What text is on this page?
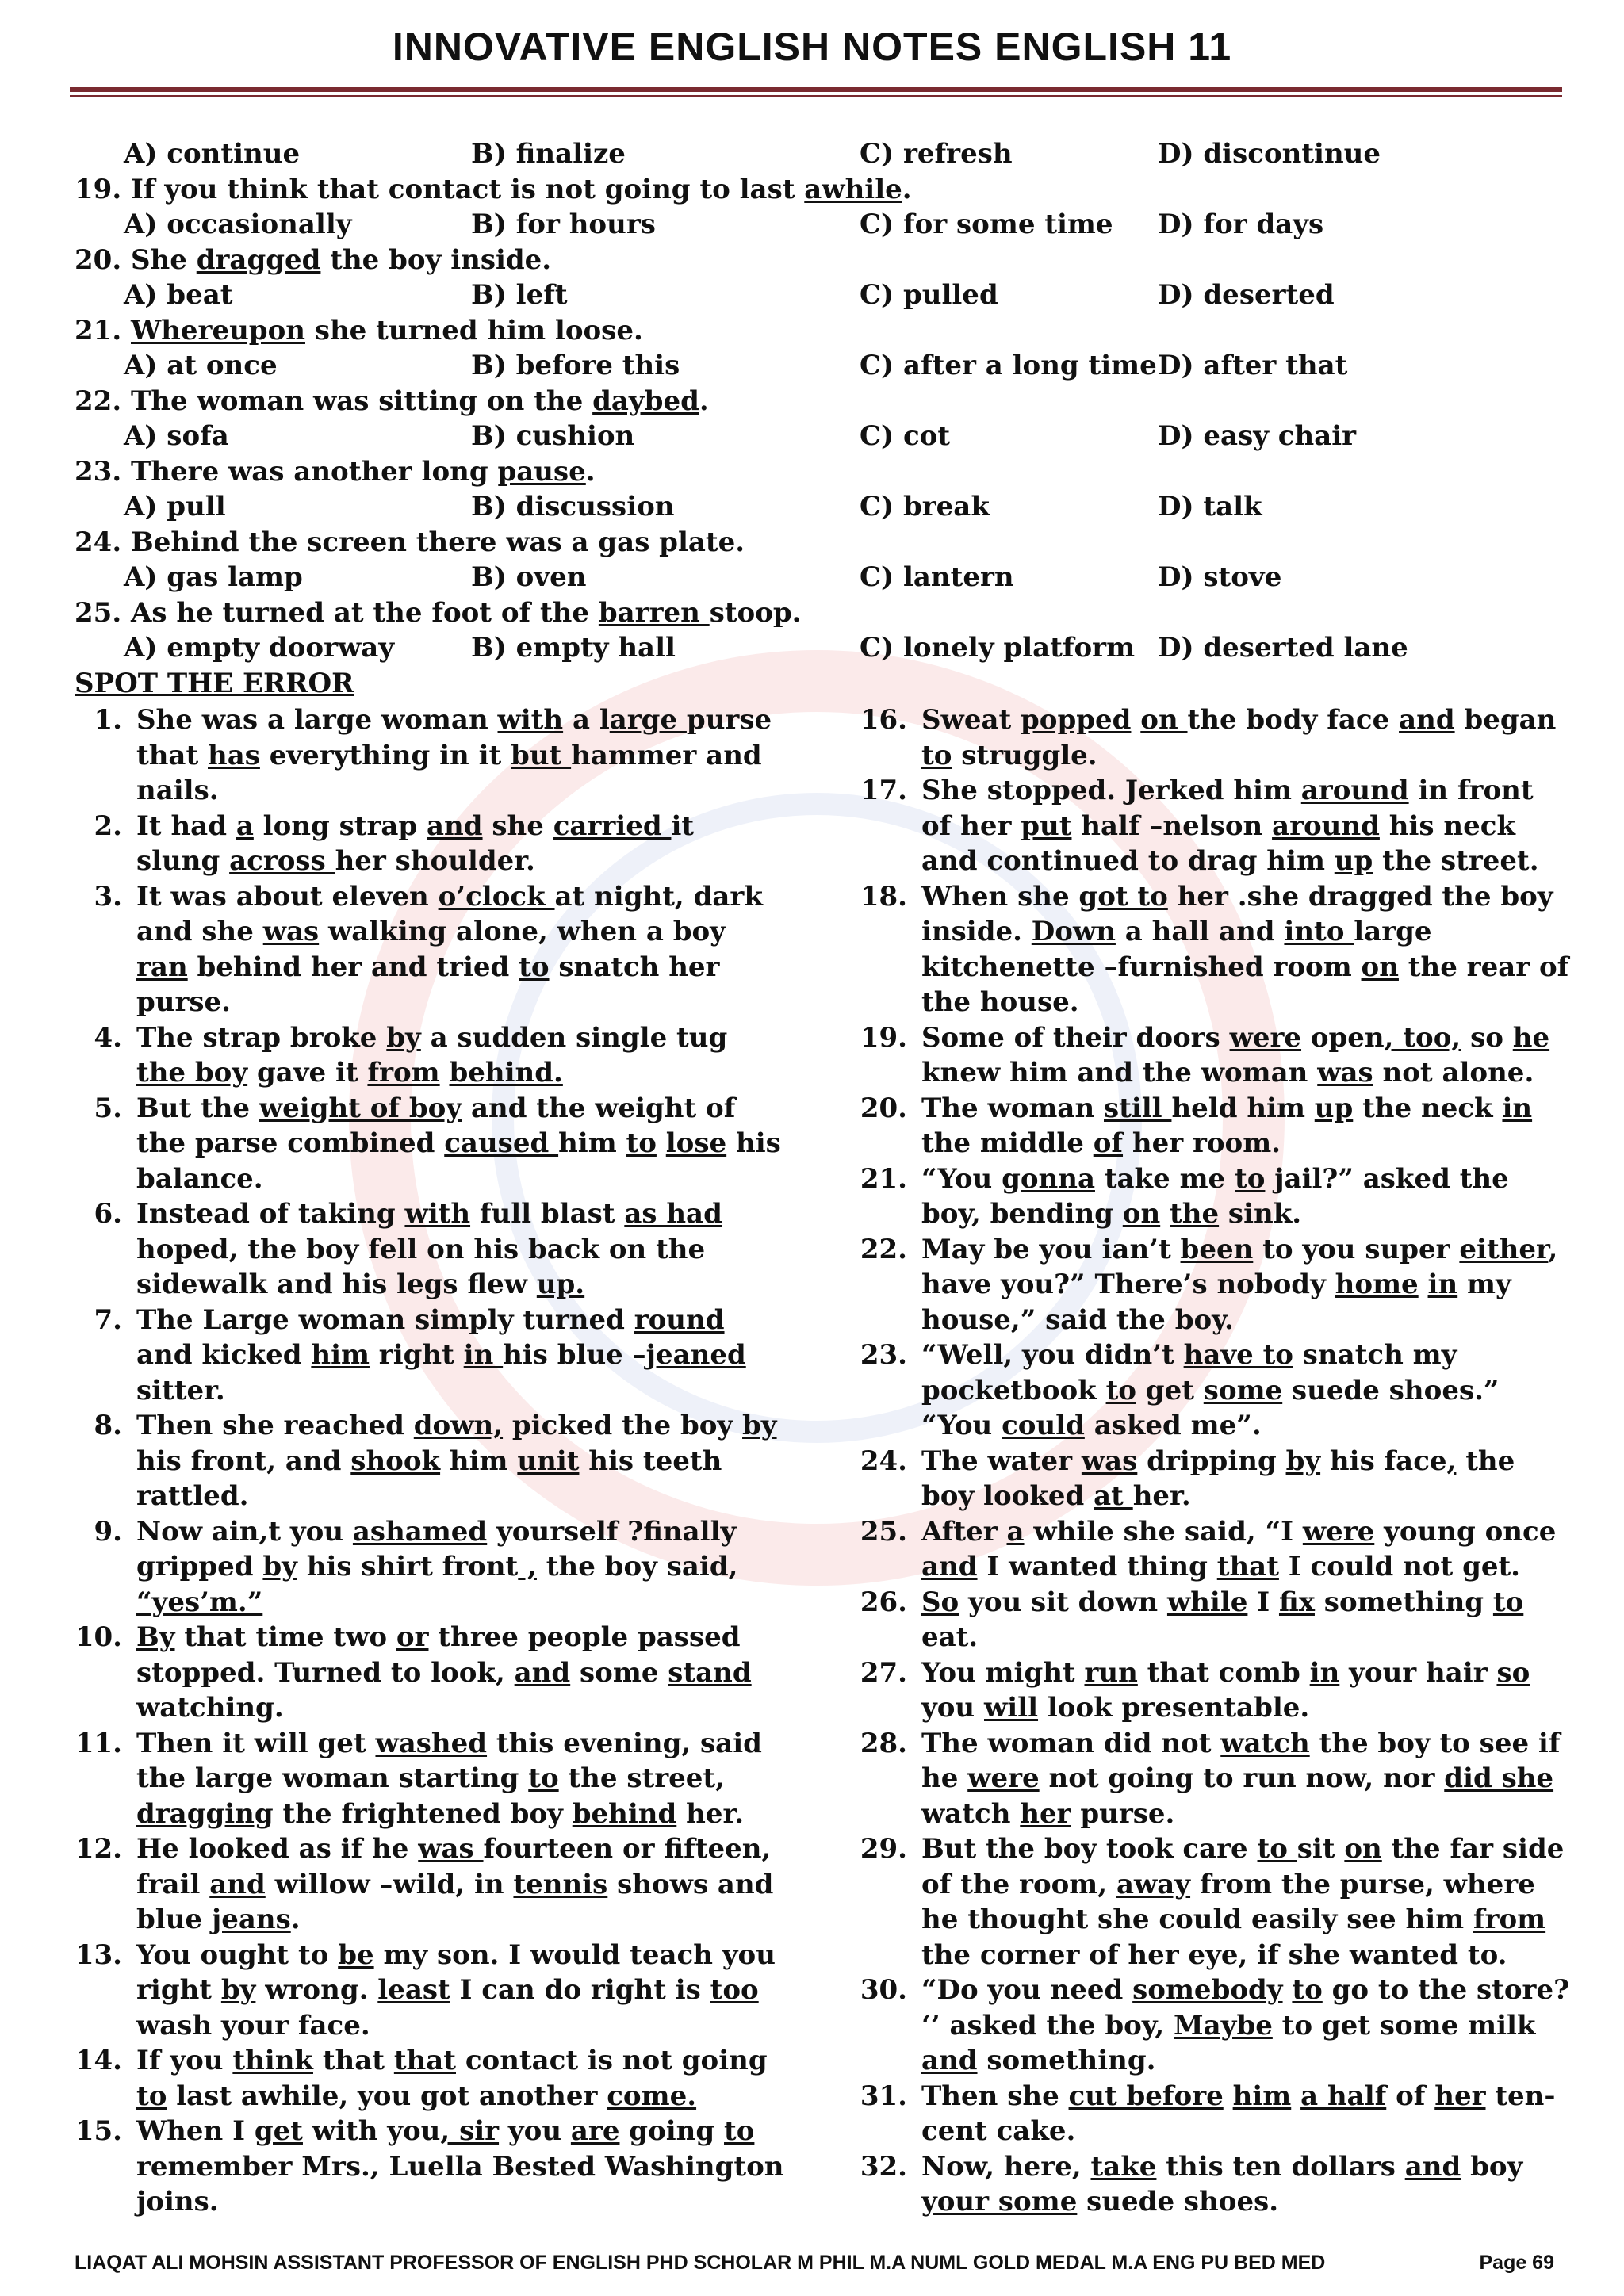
INNOVATIVE ENGLISH NOTES ENGLISH 11
A) continue	B) finalize	C) refresh	D) discontinue
19. If you think that contact is not going to last awhile.
A) occasionally	B) for hours	C) for some time D) for days
20. She dragged the boy inside.
A) beat	B) left	C) pulled	D) deserted
21. Whereupon she turned him loose.
A) at once	B) before this	C) after a long time D) after that
22. The woman was sitting on the daybed.
A) sofa	B) cushion	C) cot	D) easy chair
23. There was another long pause.
A) pull	B) discussion	C) break	D) talk
24. Behind the screen there was a gas plate.
A) gas lamp	B) oven	C) lantern	D) stove
25. As he turned at the foot of the barren stoop.
A) empty doorway	B) empty hall	C) lonely platform D) deserted lane
SPOT THE ERROR
1. She was a large woman with a large purse that has everything in it but hammer and nails.
2. It had a long strap and she carried it slung across her shoulder.
3. It was about eleven o’clock at night, dark and she was walking alone, when a boy ran behind her and tried to snatch her purse.
4. The strap broke by a sudden single tug the boy gave it from behind.
5. But the weight of boy and the weight of the parse combined caused him to lose his balance.
6. Instead of taking with full blast as had hoped, the boy fell on his back on the sidewalk and his legs flew up.
7. The Large woman simply turned round and kicked him right in his blue –jeaned sitter.
8. Then she reached down, picked the boy by his front, and shook him unit his teeth rattled.
9. Now ain,t you ashamed yourself ?finally gripped by his shirt front , the boy said, “yes’m.”
10. By that time two or three people passed stopped. Turned to look, and some stand watching.
11. Then it will get washed this evening, said the large woman starting to the street, dragging the frightened boy behind her.
12. He looked as if he was fourteen or fifteen, frail and willow –wild, in tennis shows and blue jeans.
13. You ought to be my son. I would teach you right by wrong. least I can do right is too wash your face.
14. If you think that that contact is not going to last awhile, you got another come.
15. When I get with you, sir you are going to remember Mrs., Luella Bested Washington joins.
16. Sweat popped on the body face and began to struggle.
17. She stopped. Jerked him around in front of her put half –nelson around his neck and continued to drag him up the street.
18. When she got to her .she dragged the boy inside. Down a hall and into large kitchenette –furnished room on the rear of the house.
19. Some of their doors were open, too, so he knew him and the woman was not alone.
20. The woman still held him up the neck in the middle of her room.
21. “You gonna take me to jail?” asked the boy, bending on the sink.
22. May be you ian’t been to you super either, have you?” There’s nobody home in my house,” said the boy.
23. “Well, you didn’t have to snatch my pocketbook to get some suede shoes.” “You could asked me”.
24. The water was dripping by his face, the boy looked at her.
25. After a while she said, “I were young once and I wanted thing that I could not get.
26. So you sit down while I fix something to eat.
27. You might run that comb in your hair so you will look presentable.
28. The woman did not watch the boy to see if he were not going to run now, nor did she watch her purse.
29. But the boy took care to sit on the far side of the room, away from the purse, where he thought she could easily see him from the corner of her eye, if she wanted to.
30. “Do you need somebody to go to the store? ‘’ asked the boy, Maybe to get some milk and something.
31. Then she cut before him a half of her ten-cent cake.
32. Now, here, take this ten dollars and boy your some suede shoes.
LIAQAT ALI MOHSIN ASSISTANT PROFESSOR OF ENGLISH PHD SCHOLAR M PHIL M.A NUML GOLD MEDAL M.A ENG PU BED MED	Page 69
